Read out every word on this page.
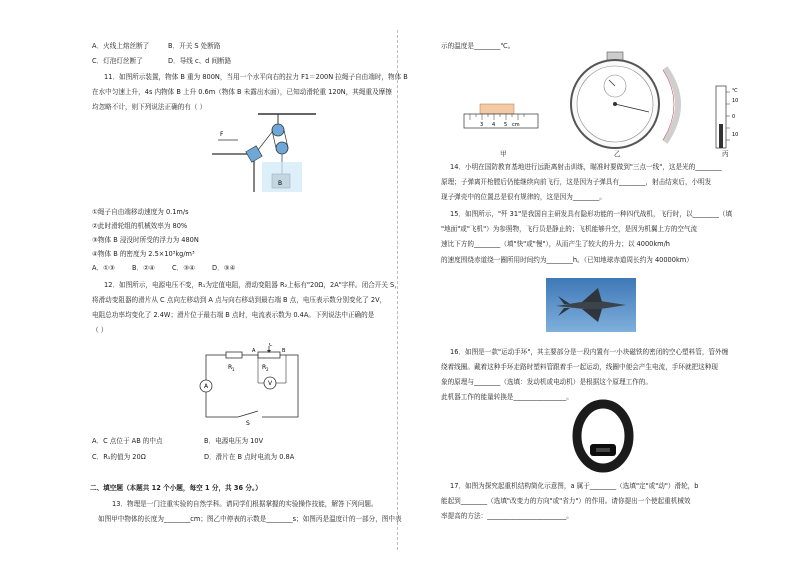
A．火线上熔丝断了	B．开关 S 处断路
C．灯泡灯丝断了	D．导线 c、d 间断路
11．如图所示装置，物体 B 重为 800N，当用一个水平向右的拉力 F1＝200N 拉绳子自由端时，物体 B
在水中匀速上升，4s 内物体 B 上升 0.6m（物体 B 未露出水面），已知动滑轮重 120N，其绳重及摩擦
均忽略不计，则下列说法正确的有（ ）
F
B
①绳子自由端移动速度为 0.1m/s
②此时滑轮组的机械效率为 80%
③物体 B 浸没时所受的浮力为 480N
④物体 B 的密度为 2.5×10³kg/m³
A．①③	B．②④	C．③④	D．③④
12．如图所示，电源电压不变，R₁为定值电阻，滑动变阻器 R₂上标有"20Ω，2A"字样。闭合开关 S，
将滑动变阻器的滑片从 C 点向左移动到 A 点与向右移动到最右端 B 点，电压表示数分别变化了 2V，
电阻总功率均变化了 2.4W；滑片位于最右端 B 点时，电流表示数为 0.4A。下列说法中正确的是
（ ）
R 1	R 2
A	B
C
A	V
S
A．C 点位于 AB 的中点	B．电源电压为 10V
C．R₁的值为 20Ω	D．滑片在 B 点时电流为 0.8A
二、填空题（本题共 12 个小题，每空 1 分，共 36 分。）
13．物理是一门注重实验的自然学科。请同学们根据掌握的实验操作技能，解答下列问题。
如图甲中物体的长度为________cm；图乙中停表的示数是________s；如图丙是温度计的一部分，图中表
示的温度是________℃。
3 4 5 cm
℃
10
0
10
甲	乙	丙
14．小明在国防教育基地进行远距离射击训练，瞄准时要做到"三点一线"，这是光的________
原理；子弹离开枪膛后仍能继续向前飞行，这是因为子弹具有________，射击结束后，小明发
现子弹壳中的位置总是很有规律的，这是因为________。
15．如图所示，"歼 31"是我国自主研发具有隐形功能的一种四代战机，飞行时，以________（填
"地面"或"飞机"）为参照物，飞行员是静止的；飞机能够升空，是因为机翼上方的空气流
速比下方的________（填"快"或"慢"），从而产生了较大的升力；以 4000km/h
的速度围绕赤道绕一圈所用时间约为________h。（已知地球赤道周长约为 40000km）
16．如图是一款"运动手环"，其主要部分是一段内置有一小块磁铁的密闭的空心塑料管，管外缠
绕着线圈。戴着这种手环走路时塑料管跟着手一起运动，线圈中便会产生电流，手环就把这种现
象的原理与________（选填：发动机或电动机）是根据这个原理工作的。
此机器工作的能量转换是________________。
17．如图为探究起重机结构简化示意图，a 属于________（选填"定"或"动"）滑轮，b
能起到________（选填"改变力的方向"或"省力"）的作用。请你提出一个使起重机械效
率提高的方法：________________________。
